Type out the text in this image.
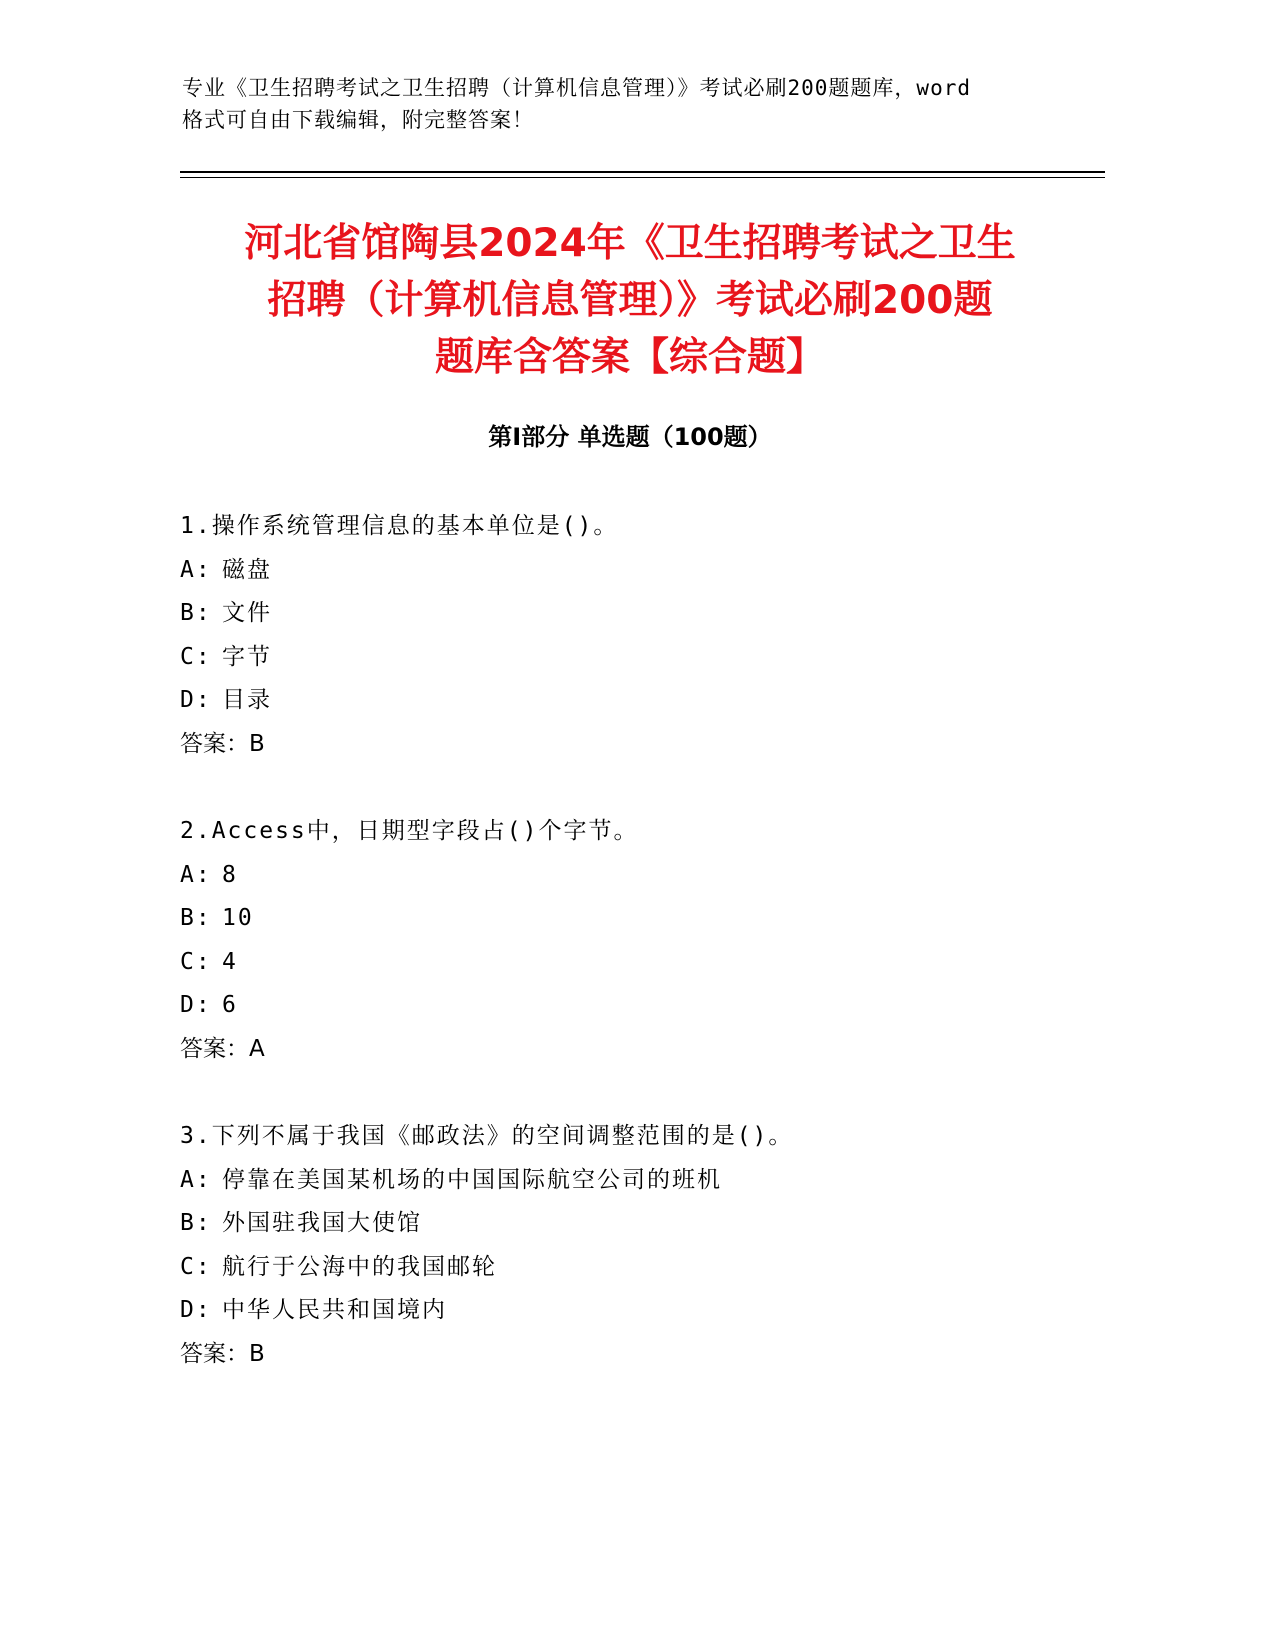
专业《卫生招聘考试之卫生招聘（计算机信息管理）》考试必刷200题题库，word
格式可自由下载编辑，附完整答案！
河北省馆陶县2024年《卫生招聘考试之卫生
招聘（计算机信息管理）》考试必刷200题
题库含答案【综合题】
第Ⅰ部分 单选题（100题）
1.操作系统管理信息的基本单位是()。
A: 磁盘
B: 文件
C: 字节
D: 目录
答案：B
2.Access中，日期型字段占()个字节。
A: 8
B: 10
C: 4
D: 6
答案：A
3.下列不属于我国《邮政法》的空间调整范围的是()。
A: 停靠在美国某机场的中国国际航空公司的班机
B: 外国驻我国大使馆
C: 航行于公海中的我国邮轮
D: 中华人民共和国境内
答案：B
